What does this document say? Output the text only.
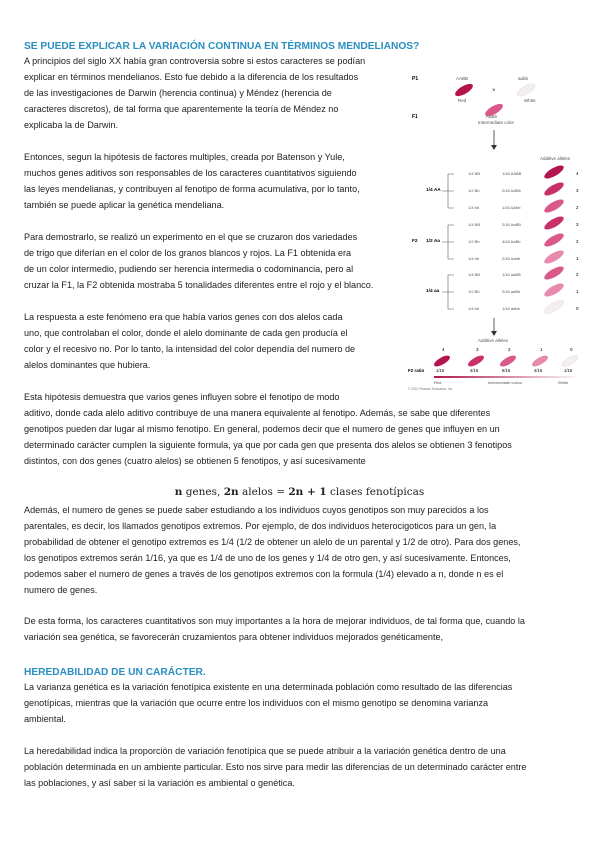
SE PUEDE EXPLICAR LA VARIACIÓN CONTINUA EN TÉRMINOS MENDELIANOS?
A principios del siglo XX había gran controversia sobre si estos caracteres se podían
explicar en términos mendelianos. Esto fue debido a la diferencia de los resultados
de las investigaciones de Darwin (herencia continua) y Méndez (herencia de
caracteres discretos), de tal forma que aparentemente la teoría de Méndez no
explicaba la de Darwin.
Entonces, segun la hipótesis de factores multiples, creada por Batenson y Yule,
muchos genes aditivos son responsables de los caracteres cuantitativos siguiendo
las leyes mendelianas, y contribuyen al fenotipo de forma acumulativa, por lo tanto,
también se puede aplicar la genética mendeliana.
Para demostrarlo, se realizó un experimento en el que se cruzaron dos variedades
de trigo que diferían en el color de los granos blancos y rojos. La F1 obtenida era
de un color intermedio, pudiendo ser herencia intermedia o codominancia, pero al
cruzar la F1, la F2 obtenida mostraba 5 tonalidades diferentes entre el rojo y el blanco.
La respuesta a este fenómeno era que había varios genes con dos alelos cada
uno, que controlaban el color, donde el alelo dominante de cada gen producía el
color y el recesivo no. Por lo tanto, la intensidad del color dependía del numero de
alelos dominantes que hubiera.
Esta hipótesis demuestra que varios genes influyen sobre el fenotipo de modo
aditivo, donde cada alelo aditivo contribuye de una manera equivalente al fenotipo. Además, se sabe que diferentes
genotipos pueden dar lugar al mismo fenotipo. En general, podemos decir que el numero de genes que influyen en un
determinado carácter cumplen la siguiente formula, ya que por cada gen que presenta dos alelos se obtienen 3 fenotipos
distintos, con dos genes (cuatro alelos) se obtienen 5 fenotipos, y así sucesivamente
n genes, 2n alelos = 2n + 1 clases fenotípicas
Además, el numero de genes se puede saber estudiando a los individuos cuyos genotipos son muy parecidos a los
parentales, es decir, los llamados genotipos extremos. Por ejemplo, de dos individuos heterocigoticos para un gen, la
probabilidad de obtener el genotipo extremos es 1/4 (1/2 de obtener un alelo de un parental y 1/2 de otro). Para dos genes,
los genotipos extremos serán 1/16, ya que es 1/4 de uno de los genes y 1/4 de otro gen, y así sucesivamente. Entonces,
podemos saber el numero de genes a través de los genotipos extremos con la formula (1/4) elevado a n, donde n es el
numero de genes.
De esta forma, los caracteres cuantitativos son muy importantes a la hora de mejorar individuos, de tal forma que, cuando la
variación sea genética, se favorecerán cruzamientos para obtener individuos mejorados genéticamente,
HEREDABILIDAD DE UN CARÁCTER.
La varianza genética es la variación fenotípica existente en una determinada población como resultado de las diferencias
genotípicas, mientras que la variación que ocurre entre los individuos con el mismo genotipo se denomina varianza
ambiental.
La heredabilidad indica la proporción de variación fenotípica que se puede atribuir a la variación genética dentro de una
población determinada en un ambiente particular. Esto nos sirve para medir las diferencias de un determinado carácter entre
las poblaciones, y así saber si la variación es ambiental o genética.
P1	AABB
Red
×
aabb
White
F1	AaBb
Intermediate color
Additive alleles
1/4 AA
F2 1/2 Aa
1/4 aa
1/4 BB	1/16 AABB	4
1/2 Bb	2/16 AABb	3
1/4 bb	1/16 AAbb	2
1/4 BB	2/16 AaBB	3
1/2 Bb	4/16 AaBb	2
1/4 bb	2/16 Aabb	1
1/4 BB	1/16 aaBB	2
1/2 Bb	2/16 aaBb	1
1/4 bb	1/16 aabb	0
Additive alleles
4	3	2	1	0
F2 ratio	1/16	4/16	6/16	4/16	1/16
Red	Intermediate colors	White
© 2010 Pearson Education, Inc.
